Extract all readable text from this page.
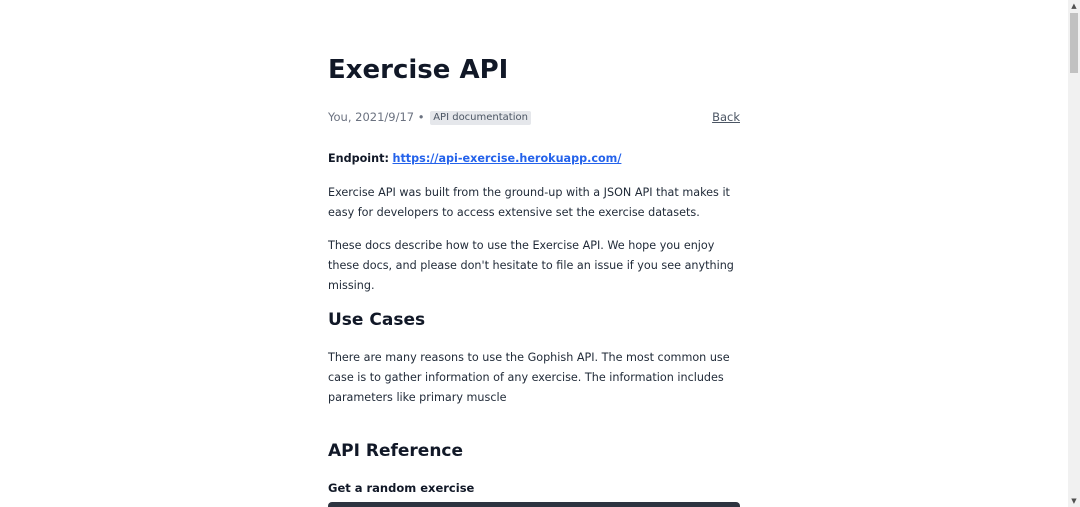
Exercise API
You, 2021/9/17 • API documentation	Back

Endpoint: https://api-exercise.herokuapp.com/

Exercise API was built from the ground-up with a JSON API that makes it easy for developers to access extensive set the exercise datasets.

These docs describe how to use the Exercise API. We hope you enjoy these docs, and please don't hesitate to file an issue if you see anything missing.

Use Cases

There are many reasons to use the Gophish API. The most common use case is to gather information of any exercise. The information includes parameters like primary muscle

API Reference
Get a random exercise
▲
▼
